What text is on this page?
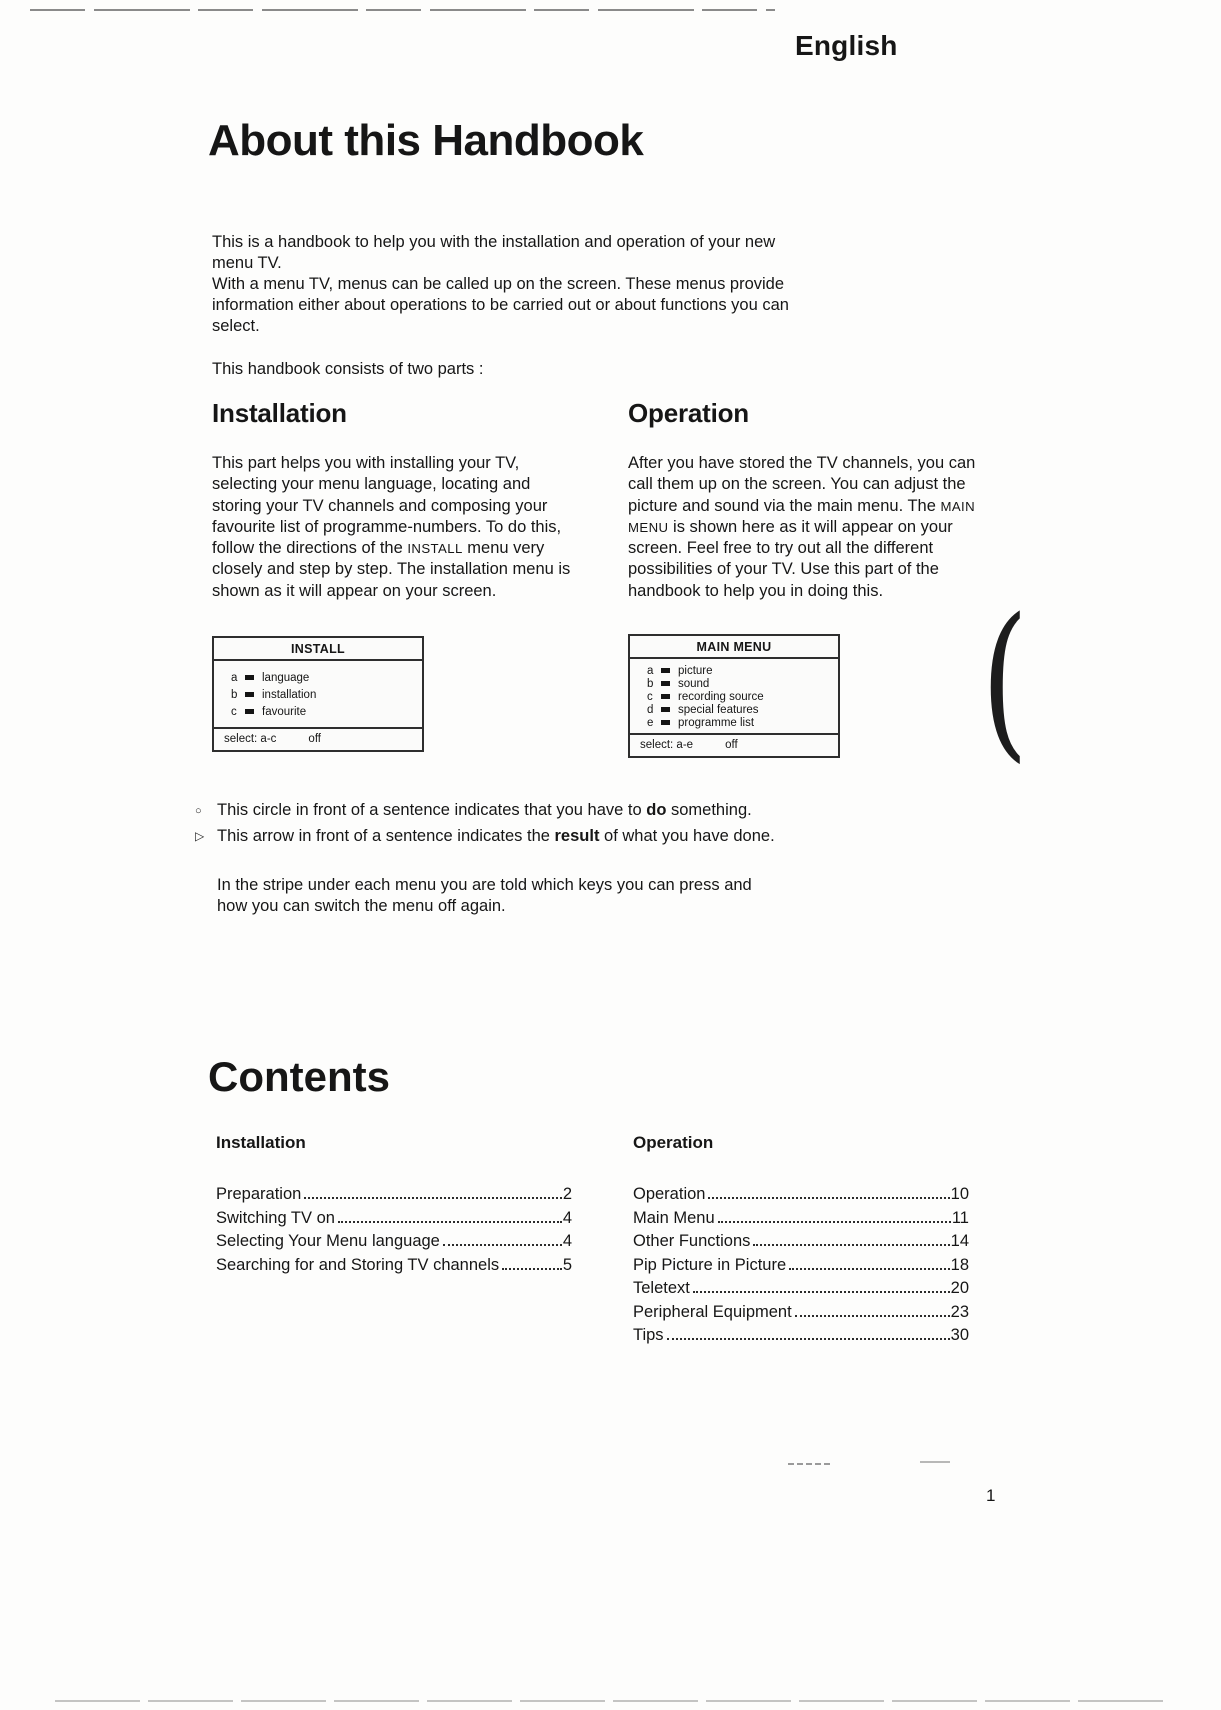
English
About this Handbook

This is a handbook to help you with the installation and operation of your new menu TV.

With a menu TV, menus can be called up on the screen. These menus provide information either about operations to be carried out or about functions you can select.

This handbook consists of two parts :

Installation

This part helps you with installing your TV, selecting your menu language, locating and storing your TV channels and composing your favourite list of programme-numbers. To do this, follow the directions of the INSTALL menu very closely and step by step. The installation menu is shown as it will appear on your screen.

Operation

After you have stored the TV channels, you can call them up on the screen. You can adjust the picture and sound via the main menu. The MAIN MENU is shown here as it will appear on your screen. Feel free to try out all the different possibilities of your TV. Use this part of the handbook to help you in doing this.

INSTALL
a	language
b	installation
c	favourite
select: a-c	off
MAIN MENU
a	picture
b	sound
c	recording source
d	special features
e	programme list
select: a-e	off (
○ This circle in front of a sentence indicates that you have to do something.

▷ This arrow in front of a sentence indicates the result of what you have done.

In the stripe under each menu you are told which keys you can press and how you can switch the menu off again.

Contents
Installation
Preparation	2
Switching TV on	4
Selecting Your Menu language	4
Searching for and Storing TV channels	5
Operation
Operation	10
Main Menu	11
Other Functions	14
Pip Picture in Picture	18
Teletext	20
Peripheral Equipment	23
Tips	30
1
